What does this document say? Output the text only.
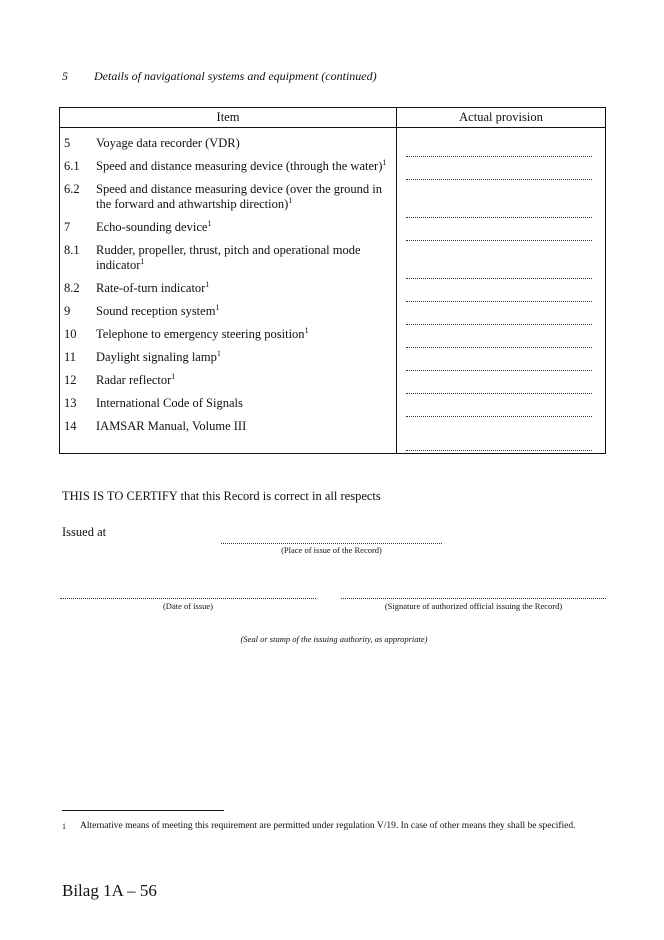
5 Details of navigational systems and equipment (continued)
Item	Actual provision

5 Voyage data recorder (VDR)	

6.1 Speed and distance measuring device (through the water)$^1$

6.2 Speed and distance measuring device (over the ground in the forward and athwartship direction)$^1$

7 Echo-sounding device$^1$

8.1 Rudder, propeller, thrust, pitch and operational mode indicator$^1$

8.2 Rate-of-turn indicator$^1$

9 Sound reception system$^1$

10 Telephone to emergency steering position$^1$

11 Daylight signaling lamp$^1$

12 Radar reflector$^1$

13 International Code of Signals	

14 IAMSAR Manual, Volume III	

THIS IS TO CERTIFY that this Record is correct in all respects
Issued at
(Place of issue of the Record)
(Date of issue)	(Signature of authorized official issuing the Record)
(Seal or stamp of the issuing authority, as appropriate)
1	Alternative means of meeting this requirement are permitted under regulation V/19. In case of other means they shall be specified.
Bilag 1A – 56
